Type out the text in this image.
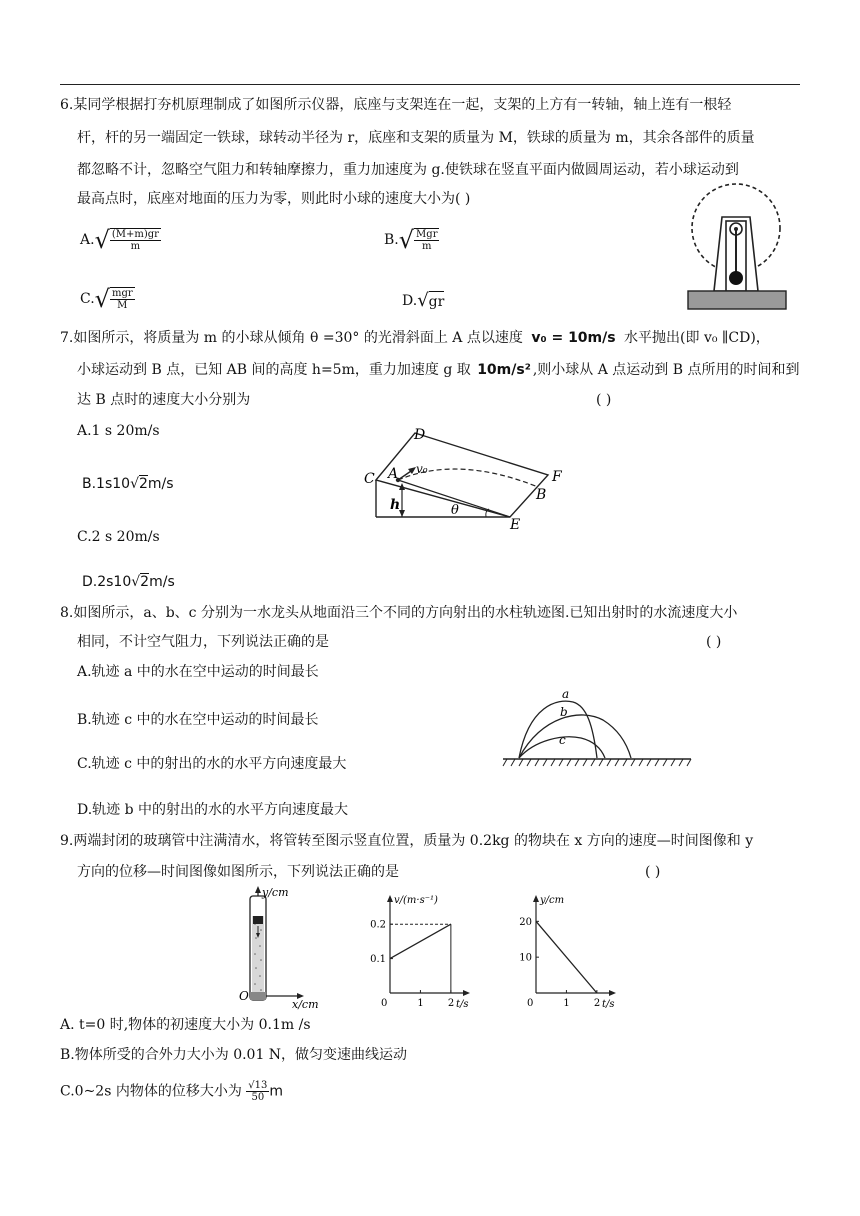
6.某同学根据打夯机原理制成了如图所示仪器，底座与支架连在一起，支架的上方有一转轴，轴上连有一根轻
杆，杆的另一端固定一铁球，球转动半径为 r，底座和支架的质量为 M，铁球的质量为 m，其余各部件的质量
都忽略不计，忽略空气阻力和转轴摩擦力，重力加速度为 g.使铁球在竖直平面内做圆周运动，若小球运动到
最高点时，底座对地面的压力为零，则此时小球的速度大小为( )
$A.√ \frac{(M+m)gr}{m}$	$B.√ \frac{\text{Mgr}}{m}$
$C.√ \frac{\text{mgr}}{M}$	D.√gr
7.如图所示，将质量为 m 的小球从倾角 θ =30° 的光滑斜面上 A 点以速度 v₀ = 10m/s 水平抛出(即 v₀ ∥CD)，
小球运动到 B 点，已知 AB 间的高度 h=5m，重力加速度 g 取 10m/s² ,则小球从 A 点运动到 B 点所用的时间和到
达 B 点时的速度大小分别为	( )
A.1 s 20m/s
B.1s10√2m/s
C.2 s 20m/s
D.2s10√2m/s
C
D
A v₀	F
B
h	θ
E
8.如图所示，a、b、c 分别为一水龙头从地面沿三个不同的方向射出的水柱轨迹图.已知出射时的水流速度大小
相同，不计空气阻力，下列说法正确的是	( )
A.轨迹 a 中的水在空中运动的时间最长
B.轨迹 c 中的水在空中运动的时间最长
C.轨迹 c 中的射出的水的水平方向速度最大
D.轨迹 b 中的射出的水的水平方向速度最大
a
b
c
9.两端封闭的玻璃管中注满清水，将管转至图示竖直位置，质量为 0.2kg 的物块在 x 方向的速度—时间图像和 y
方向的位移—时间图像如图所示，下列说法正确的是	( )
y/cm
x/cm
O
0	1 2
0.1
0.2
v/(m·s⁻¹)
t/s	0	1 2
10
20
y/cm
t/s
A. t=0 时,物体的初速度大小为 0.1m /s
B.物体所受的合外力大小为 0.01 N，做匀变速曲线运动
C.0~2s 内物体的位移大小为 $\frac{√13}{50}$ m
